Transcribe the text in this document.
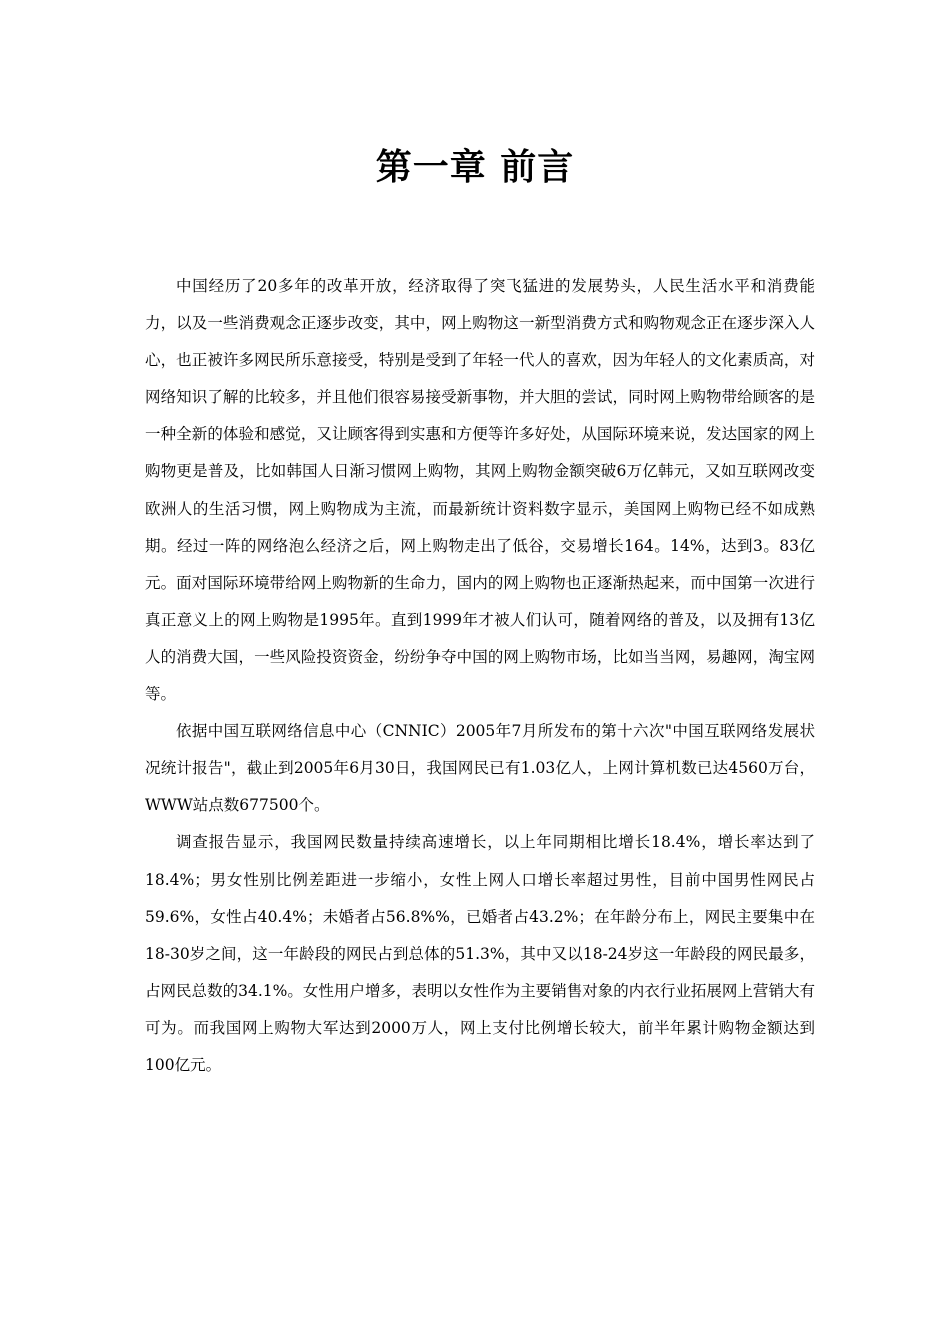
第一章 前言

中国经历了20多年的改革开放，经济取得了突飞猛进的发展势头，人民生活水平和消费能力，以及一些消费观念正逐步改变，其中，网上购物这一新型消费方式和购物观念正在逐步深入人心，也正被许多网民所乐意接受，特别是受到了年轻一代人的喜欢，因为年轻人的文化素质高，对网络知识了解的比较多，并且他们很容易接受新事物，并大胆的尝试，同时网上购物带给顾客的是一种全新的体验和感觉，又让顾客得到实惠和方便等许多好处，从国际环境来说，发达国家的网上购物更是普及，比如韩国人日渐习惯网上购物，其网上购物金额突破6万亿韩元，又如互联网改变欧洲人的生活习惯，网上购物成为主流，而最新统计资料数字显示，美国网上购物已经不如成熟期。经过一阵的网络泡么经济之后，网上购物走出了低谷，交易增长164。14%，达到3。83亿元。面对国际环境带给网上购物新的生命力，国内的网上购物也正逐渐热起来，而中国第一次进行真正意义上的网上购物是1995年。直到1999年才被人们认可，随着网络的普及，以及拥有13亿人的消费大国，一些风险投资资金，纷纷争夺中国的网上购物市场，比如当当网，易趣网，淘宝网等。

依据中国互联网络信息中心（CNNIC）2005年7月所发布的第十六次"中国互联网络发展状况统计报告"，截止到2005年6月30日，我国网民已有1.03亿人，上网计算机数已达4560万台，WWW站点数677500个。

调查报告显示，我国网民数量持续高速增长，以上年同期相比增长18.4%，增长率达到了18.4%；男女性别比例差距进一步缩小，女性上网人口增长率超过男性，目前中国男性网民占59.6%，女性占40.4%；未婚者占56.8%%，已婚者占43.2%；在年龄分布上，网民主要集中在18-30岁之间，这一年龄段的网民占到总体的51.3%，其中又以18-24岁这一年龄段的网民最多，占网民总数的34.1%。女性用户增多，表明以女性作为主要销售对象的内衣行业拓展网上营销大有可为。而我国网上购物大军达到2000万人，网上支付比例增长较大，前半年累计购物金额达到100亿元。
